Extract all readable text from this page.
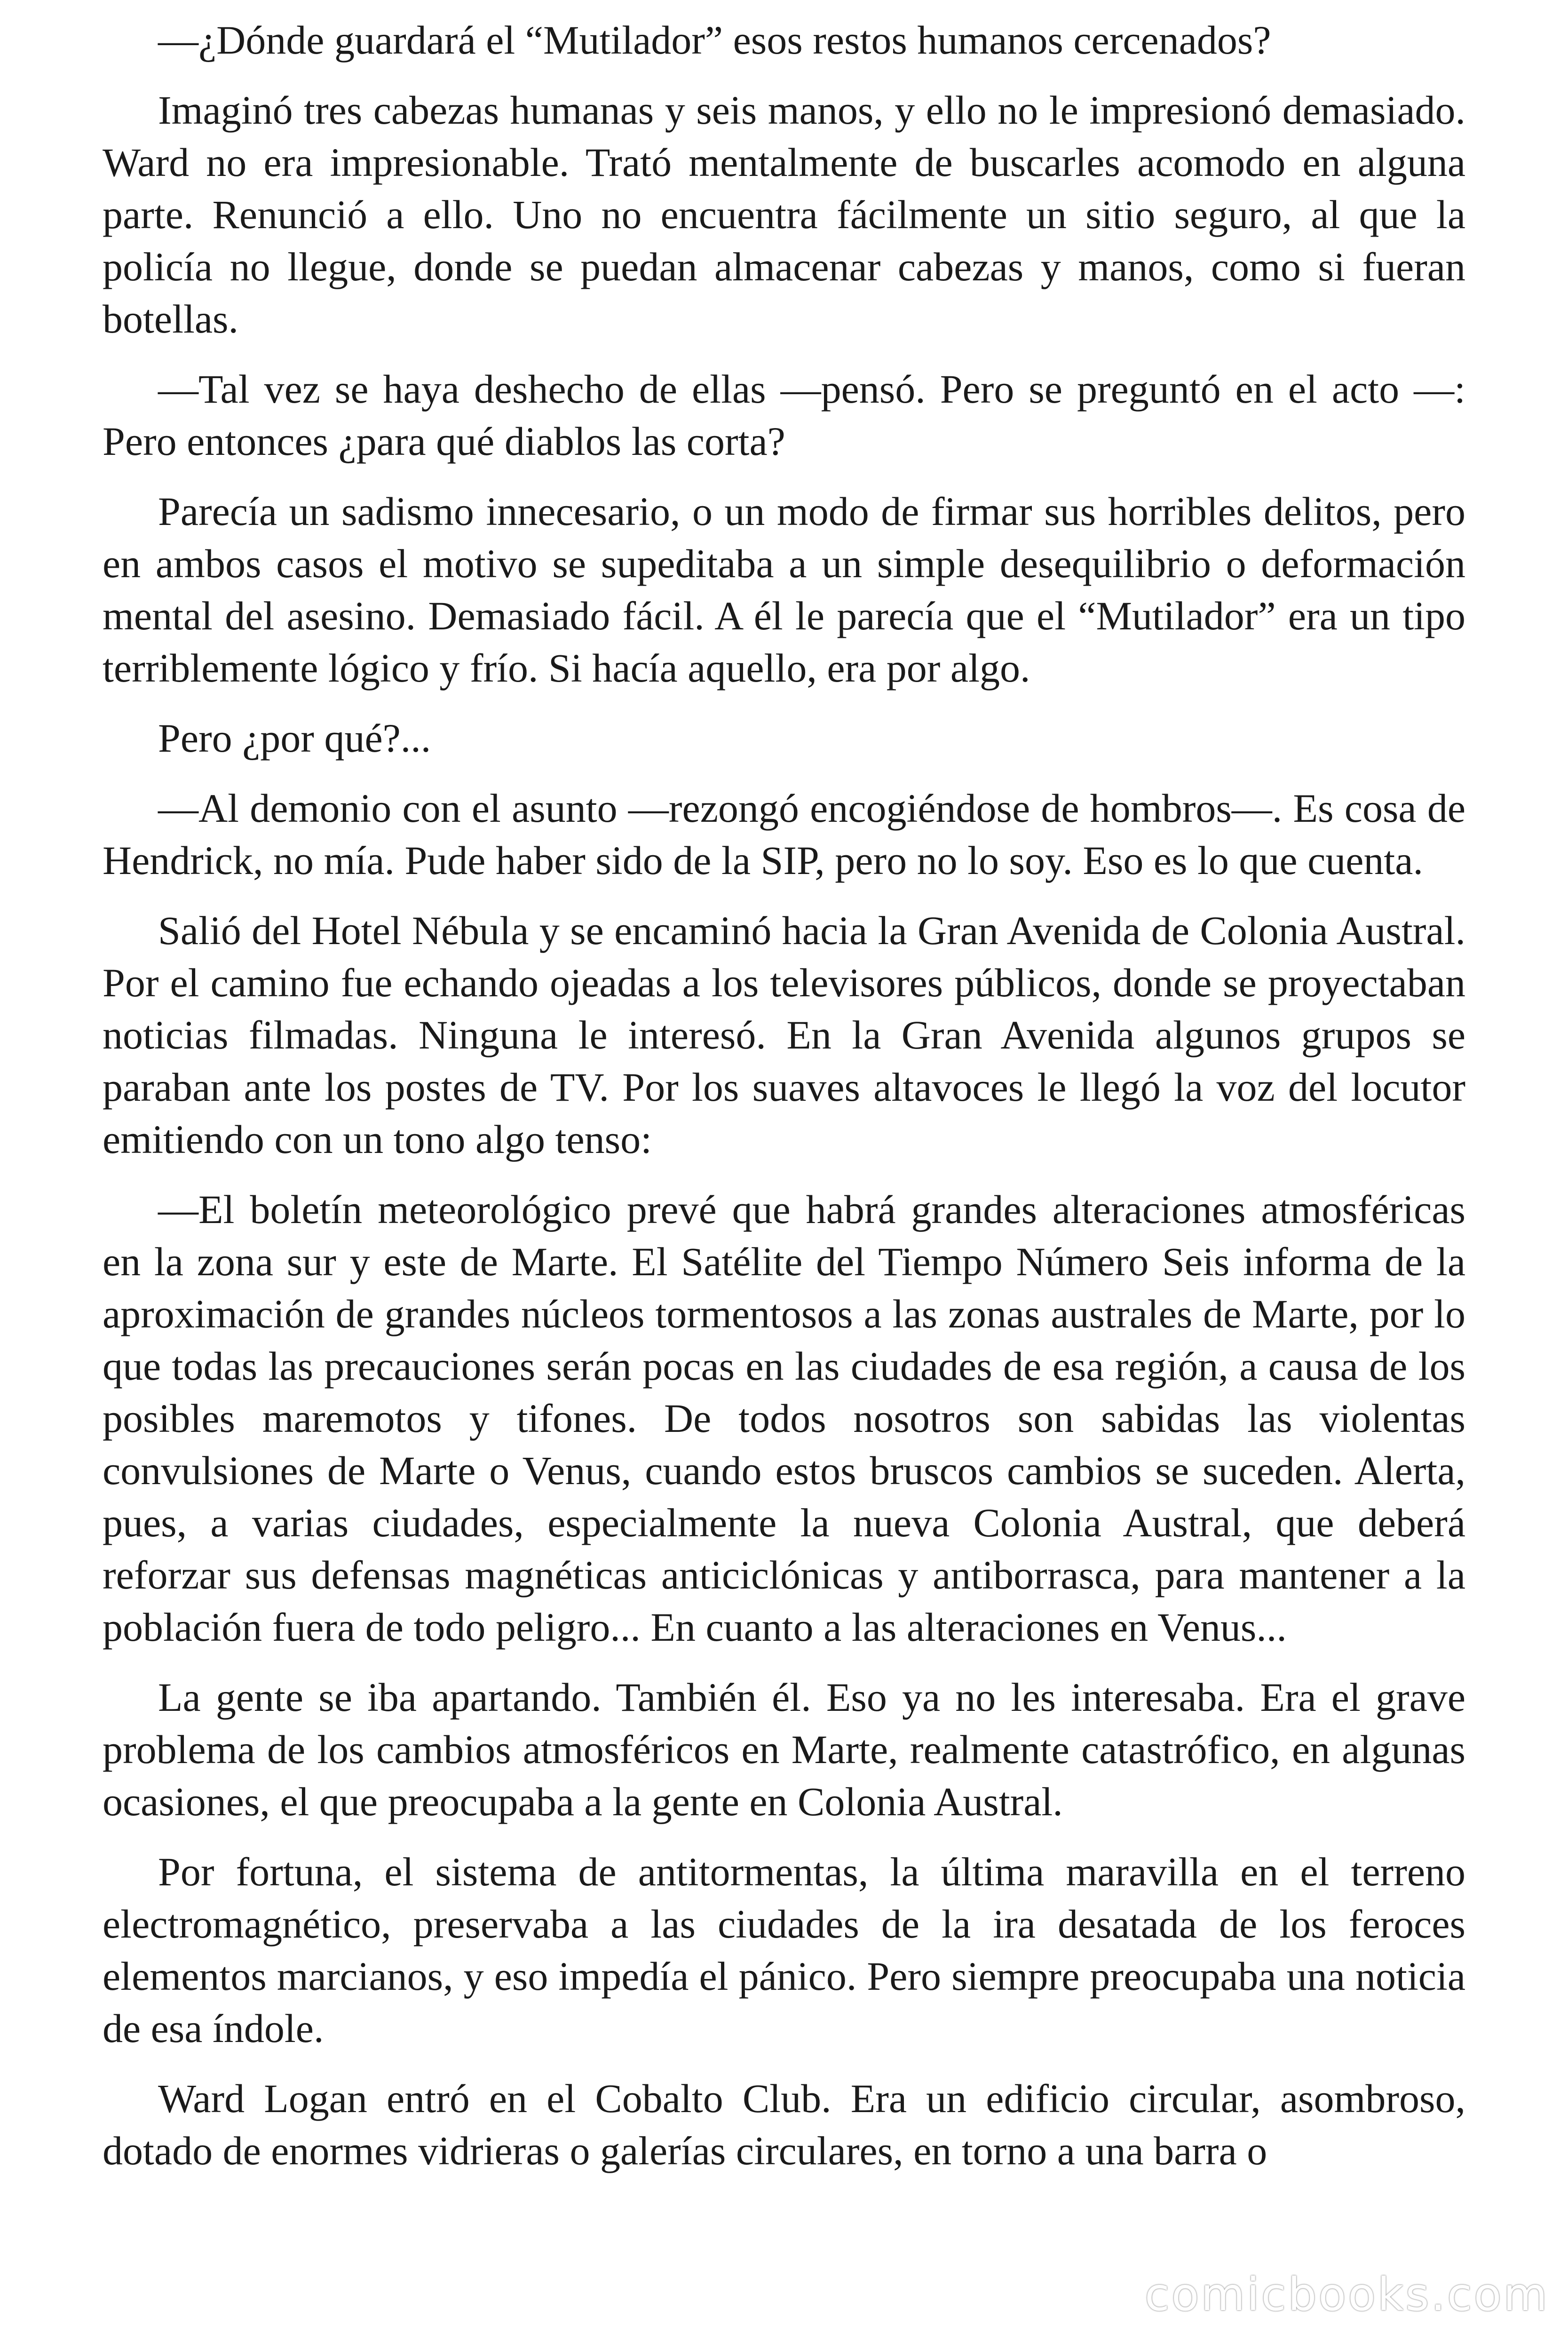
—¿Dónde guardará el “Mutilador” esos restos humanos cercenados?

Imaginó tres cabezas humanas y seis manos, y ello no le impresionó demasiado. Ward no era impresionable. Trató mentalmente de buscarles acomodo en alguna parte. Renunció a ello. Uno no encuentra fácilmente un sitio seguro, al que la policía no llegue, donde se puedan almacenar cabezas y manos, como si fueran botellas.

—Tal vez se haya deshecho de ellas —pensó. Pero se preguntó en el acto —: Pero entonces ¿para qué diablos las corta?

Parecía un sadismo innecesario, o un modo de firmar sus horribles delitos, pero en ambos casos el motivo se supeditaba a un simple desequilibrio o deformación mental del asesino. Demasiado fácil. A él le parecía que el “Mutilador” era un tipo terriblemente lógico y frío. Si hacía aquello, era por algo.

Pero ¿por qué?...

—Al demonio con el asunto —rezongó encogiéndose de hombros—. Es cosa de Hendrick, no mía. Pude haber sido de la SIP, pero no lo soy. Eso es lo que cuenta.

Salió del Hotel Nébula y se encaminó hacia la Gran Avenida de Colonia Austral. Por el camino fue echando ojeadas a los televisores públicos, donde se proyectaban noticias filmadas. Ninguna le interesó. En la Gran Avenida algunos grupos se paraban ante los postes de TV. Por los suaves altavoces le llegó la voz del locutor emitiendo con un tono algo tenso:

—El boletín meteorológico prevé que habrá grandes alteraciones atmosféricas en la zona sur y este de Marte. El Satélite del Tiempo Número Seis informa de la aproximación de grandes núcleos tormentosos a las zonas australes de Marte, por lo que todas las precauciones serán pocas en las ciudades de esa región, a causa de los posibles maremotos y tifones. De todos nosotros son sabidas las violentas convulsiones de Marte o Venus, cuando estos bruscos cambios se suceden. Alerta, pues, a varias ciudades, especialmente la nueva Colonia Austral, que deberá reforzar sus defensas magnéticas anticiclónicas y antiborrasca, para mantener a la población fuera de todo peligro... En cuanto a las alteraciones en Venus...

La gente se iba apartando. También él. Eso ya no les interesaba. Era el grave problema de los cambios atmosféricos en Marte, realmente catastrófico, en algunas ocasiones, el que preocupaba a la gente en Colonia Austral.

Por fortuna, el sistema de antitormentas, la última maravilla en el terreno electromagnético, preservaba a las ciudades de la ira desatada de los feroces elementos marcianos, y eso impedía el pánico. Pero siempre preocupaba una noticia de esa índole.

Ward Logan entró en el Cobalto Club. Era un edificio circular, asombroso, dotado de enormes vidrieras o galerías circulares, en torno a una barra o

comicbooks.com
